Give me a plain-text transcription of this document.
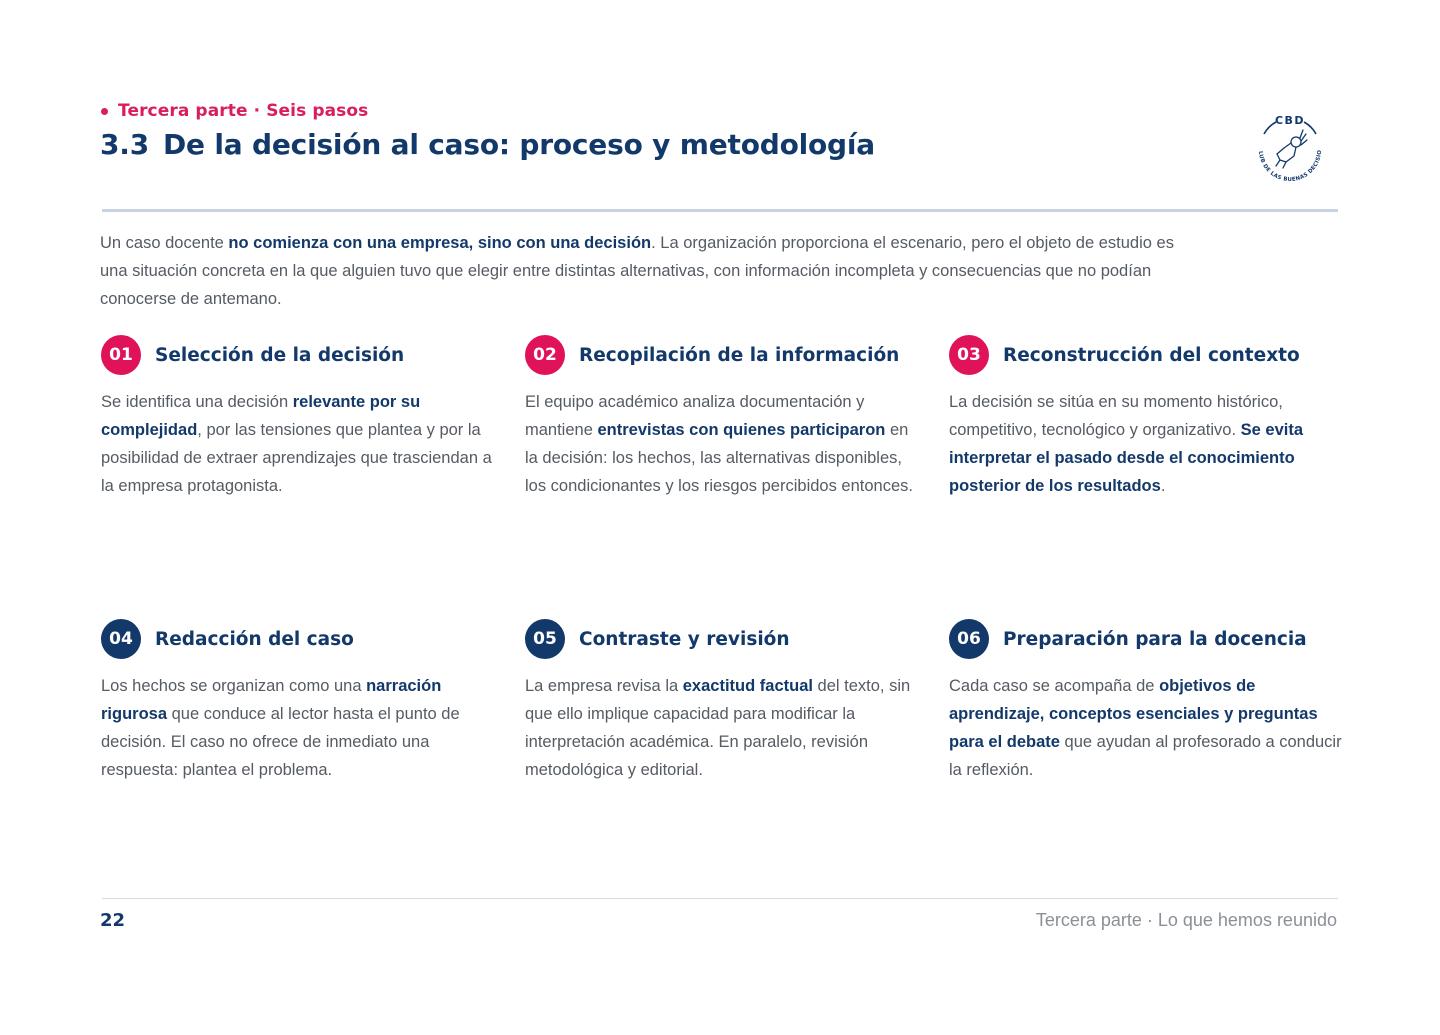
Tercera parte · Seis pasos
3.3 De la decisión al caso: proceso y metodología
CBD
LUB DE LAS BUENAS DECISIO

Un caso docente no comienza con una empresa, sino con una decisión. La organización proporciona el escenario, pero el objeto de estudio es una situación concreta en la que alguien tuvo que elegir entre distintas alternativas, con información incompleta y consecuencias que no podían conocerse de antemano.

01	Selección de la decisión

Se identifica una decisión relevante por su complejidad, por las tensiones que plantea y por la posibilidad de extraer aprendizajes que trasciendan a la empresa protagonista.

02	Recopilación de la información

El equipo académico analiza documentación y mantiene entrevistas con quienes participaron en la decisión: los hechos, las alternativas disponibles, los condicionantes y los riesgos percibidos entonces.

03	Reconstrucción del contexto

La decisión se sitúa en su momento histórico, competitivo, tecnológico y organizativo. Se evita interpretar el pasado desde el conocimiento posterior de los resultados.

04	Redacción del caso

Los hechos se organizan como una narración rigurosa que conduce al lector hasta el punto de decisión. El caso no ofrece de inmediato una respuesta: plantea el problema.

05	Contraste y revisión

La empresa revisa la exactitud factual del texto, sin que ello implique capacidad para modificar la interpretación académica. En paralelo, revisión metodológica y editorial.

06	Preparación para la docencia

Cada caso se acompaña de objetivos de aprendizaje, conceptos esenciales y preguntas para el debate que ayudan al profesorado a conducir la reflexión.

22	Tercera parte · Lo que hemos reunido
